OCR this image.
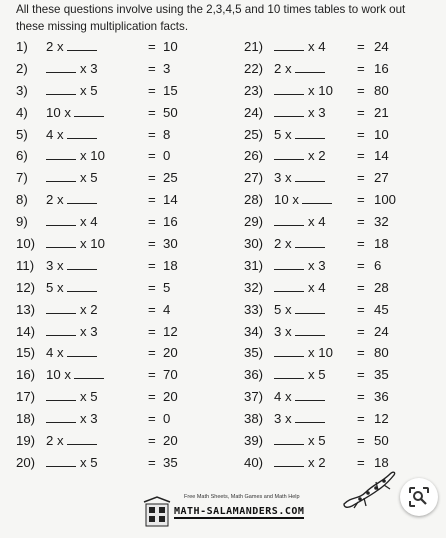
All these questions involve using the 2,3,4,5 and 10 times tables to work out these missing multiplication facts.
1)	2 x	= 10
2)	x 3	= 3
3)	x 5	= 15
4)	10 x	= 50
5)	4 x	= 8
6)	x 10	= 0
7)	x 5	= 25
8)	2 x	= 14
9)	x 4	= 16
10)	x 10	= 30
11) 3 x	= 18
12) 5 x	= 5
13)	x 2	= 4
14)	x 3	= 12
15) 4 x	= 20
16) 10 x	= 70
17)	x 5	= 20
18)	x 3	= 0
19) 2 x	= 20
20)	x 5	= 35
21)	x 4 = 24
22) 2 x	= 16
23)	x 10 = 80
24)	x 3 = 21
25) 5 x	= 10
26)	x 2 = 14
27) 3 x	= 27
28) 10 x	= 100
29)	x 4 = 32
30) 2 x	= 18
31)	x 3 = 6
32)	x 4 = 28
33) 5 x	= 45
34) 3 x	= 24
35)	x 10 = 80
36)	x 5 = 35
37) 4 x	= 36
38) 3 x	= 12
39)	x 5 = 50
40)	x 2 = 18
Free Math Sheets, Math Games and Math Help
MATH-SALAMANDERS.COM
